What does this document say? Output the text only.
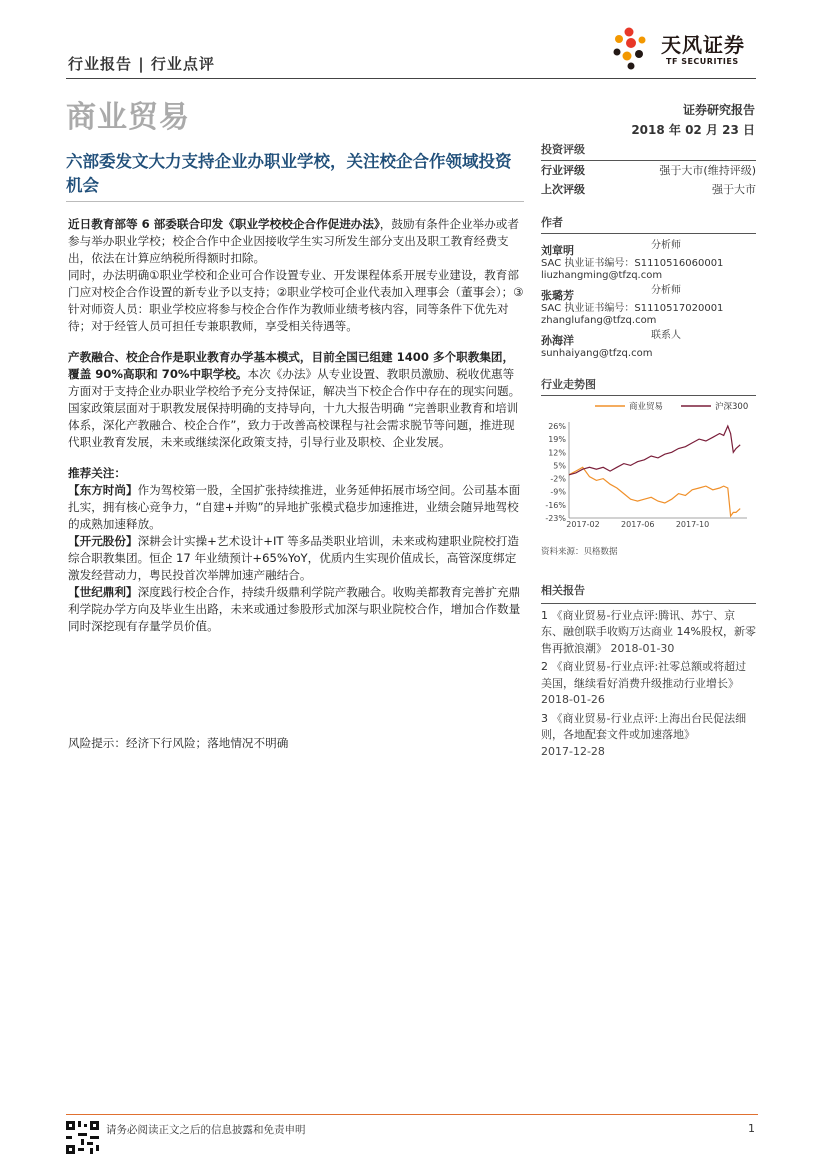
行业报告 | 行业点评
天风证券
TF SECURITIES
商业贸易	证券研究报告
2018 年 02 月 23 日
六部委发文大力支持企业办职业学校，关注校企合作领域投资机会

近日教育部等 6 部委联合印发《职业学校校企合作促进办法》，鼓励有条件企业举办或者参与举办职业学校；校企合作中企业因接收学生实习所发生部分支出及职工教育经费支出，依法在计算应纳税所得额时扣除。

同时，办法明确①职业学校和企业可合作设置专业、开发课程体系开展专业建设，教育部门应对校企合作设置的新专业予以支持；②职业学校可企业代表加入理事会（董事会）；③针对师资人员：职业学校应将参与校企合作作为教师业绩考核内容，同等条件下优先对待；对于经管人员可担任专兼职教师，享受相关待遇等。

产教融合、校企合作是职业教育办学基本模式，目前全国已组建 1400 多个职教集团，覆盖 90%高职和 70%中职学校。本次《办法》从专业设置、教职员激励、税收优惠等方面对于支持企业办职业学校给予充分支持保证，解决当下校企合作中存在的现实问题。

国家政策层面对于职教发展保持明确的支持导向，十九大报告明确 “完善职业教育和培训体系，深化产教融合、校企合作”，致力于改善高校课程与社会需求脱节等问题，推进现代职业教育发展，未来或继续深化政策支持，引导行业及职校、企业发展。

推荐关注：

【东方时尚】作为驾校第一股，全国扩张持续推进，业务延伸拓展市场空间。公司基本面扎实，拥有核心竞争力，“自建+并购”的异地扩张模式稳步加速推进，业绩会随异地驾校的成熟加速释放。

【开元股份】深耕会计实操+艺术设计+IT 等多品类职业培训，未来或构建职业院校打造综合职教集团。恒企 17 年业绩预计+65%YoY，优质内生实现价值成长，高管深度绑定激发经营动力，粤民投首次举牌加速产融结合。

【世纪鼎利】深度践行校企合作，持续升级鼎利学院产教融合。收购美都教育完善扩充鼎利学院办学方向及毕业生出路，未来或通过参股形式加深与职业院校合作，增加合作数量同时深挖现有存量学员价值。

风险提示：经济下行风险；落地情况不明确
投资评级
行业评级	强于大市(维持评级)
上次评级	强于大市
作者
刘章明	分析师
SAC 执业证书编号：S1110516060001
liuzhangming@tfzq.com
张璐芳	分析师
SAC 执业证书编号：S1110517020001
zhanglufang@tfzq.com
孙海洋	联系人
sunhaiyang@tfzq.com
行业走势图
26%
19%
12%
5%
-2%
-9%
-16%
-23%
2017-02	2017-06	2017-10
商业贸易	沪深300
资料来源：贝格数据
相关报告
1 《商业贸易-行业点评:腾讯、苏宁、京东、融创联手收购万达商业 14%股权，新零售再掀浪潮》 2018-01-30
2 《商业贸易-行业点评:社零总额或将超过美国，继续看好消费升级推动行业增长》 2018-01-26
3 《商业贸易-行业点评:上海出台民促法细则，各地配套文件或加速落地》
2017-12-28
请务必阅读正文之后的信息披露和免责申明	1
